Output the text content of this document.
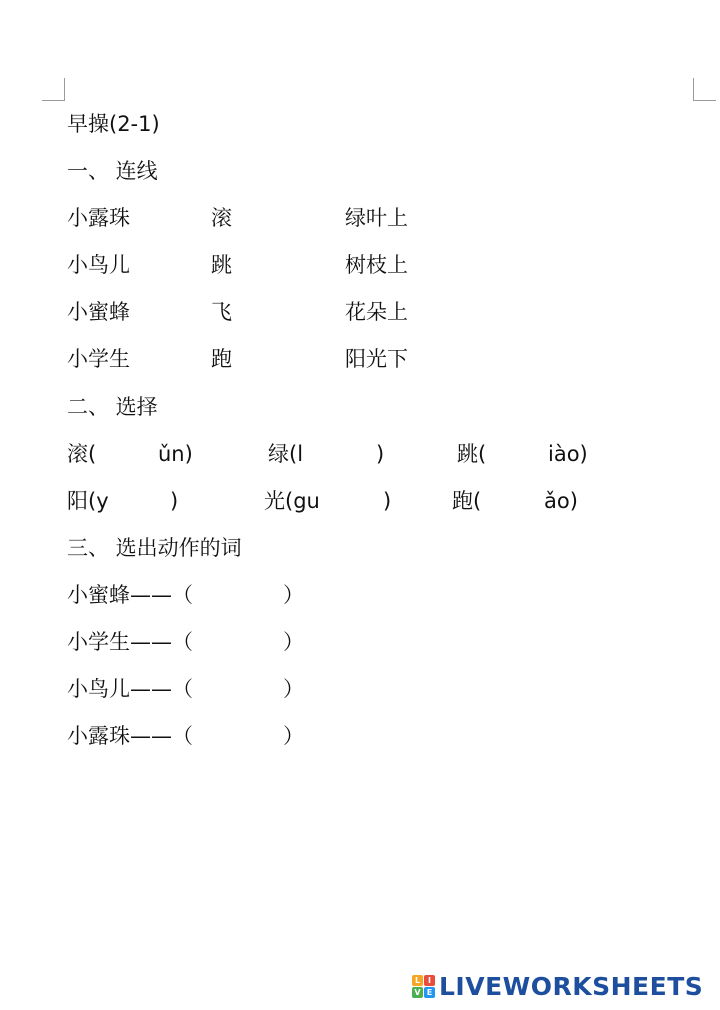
早操(2-1)
一、 连线
小露珠	滚	绿叶上
小鸟儿	跳	树枝上
小蜜蜂	飞	花朵上
小学生	跑	阳光下
二、 选择
滚(	ǔn)	绿(l	)	跳(	iào)
阳(y	)	光(gu	)	跑(	ǎo)
三、 选出动作的词
小蜜蜂——（	）
小学生——（	）
小鸟儿——（	）
小露珠——（	）
L I
V E LIVEWORKSHEETS
